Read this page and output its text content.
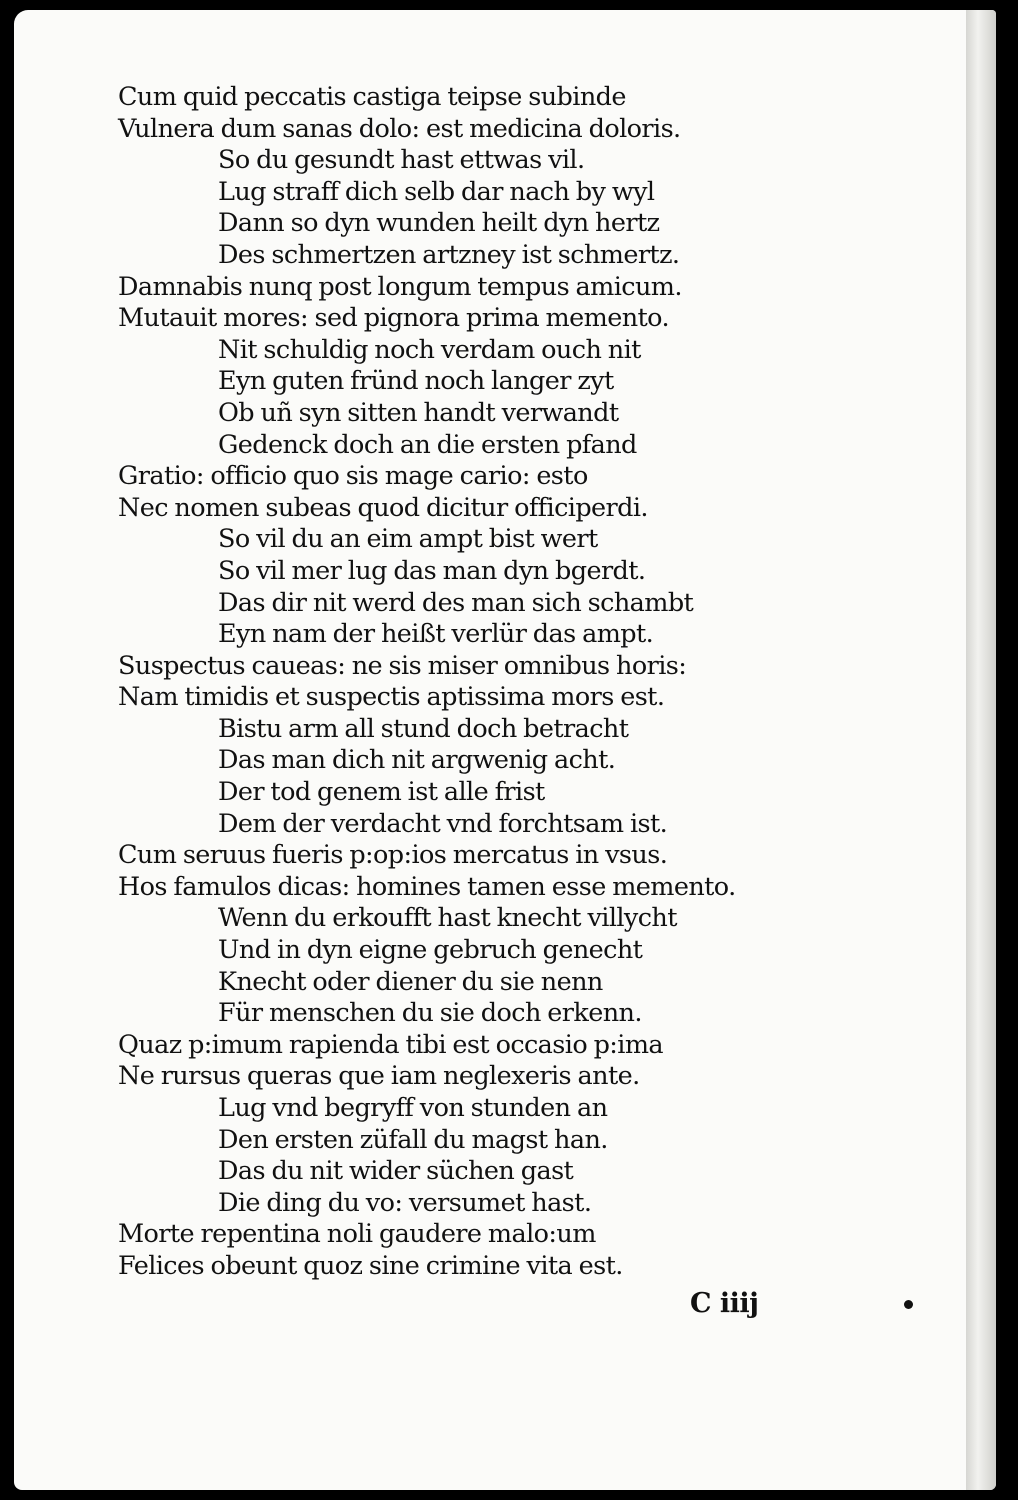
Cum quid peccatis castiga teipse subinde
Vulnera dum sanas dolo: est medicina doloris.
So du gesundt hast ettwas vil.
Lug straff dich selb dar nach by wyl
Dann so dyn wunden heilt dyn hertz
Des schmertzen artzney ist schmertz.
Damnabis nunq post longum tempus amicum.
Mutauit mores: sed pignora prima memento.
Nit schuldig noch verdam ouch nit
Eyn guten fründ noch langer zyt
Ob uñ syn sitten handt verwandt
Gedenck doch an die ersten pfand
Gratio: officio quo sis mage cario: esto
Nec nomen subeas quod dicitur officiperdi.
So vil du an eim ampt bist wert
So vil mer lug das man dyn bgerdt.
Das dir nit werd des man sich schambt
Eyn nam der heißt verlür das ampt.
Suspectus caueas: ne sis miser omnibus horis:
Nam timidis et suspectis aptissima mors est.
Bistu arm all stund doch betracht
Das man dich nit argwenig acht.
Der tod genem ist alle frist
Dem der verdacht vnd forchtsam ist.
Cum seruus fueris p:op:ios mercatus in vsus.
Hos famulos dicas: homines tamen esse memento.
Wenn du erkoufft hast knecht villycht
Und in dyn eigne gebruch genecht
Knecht oder diener du sie nenn
Für menschen du sie doch erkenn.
Quaz p:imum rapienda tibi est occasio p:ima
Ne rursus queras que iam neglexeris ante.
Lug vnd begryff von stunden an
Den ersten züfall du magst han.
Das du nit wider süchen gast
Die ding du vo: versumet hast.
Morte repentina noli gaudere malo:um
Felices obeunt quoz sine crimine vita est.
C iiij
